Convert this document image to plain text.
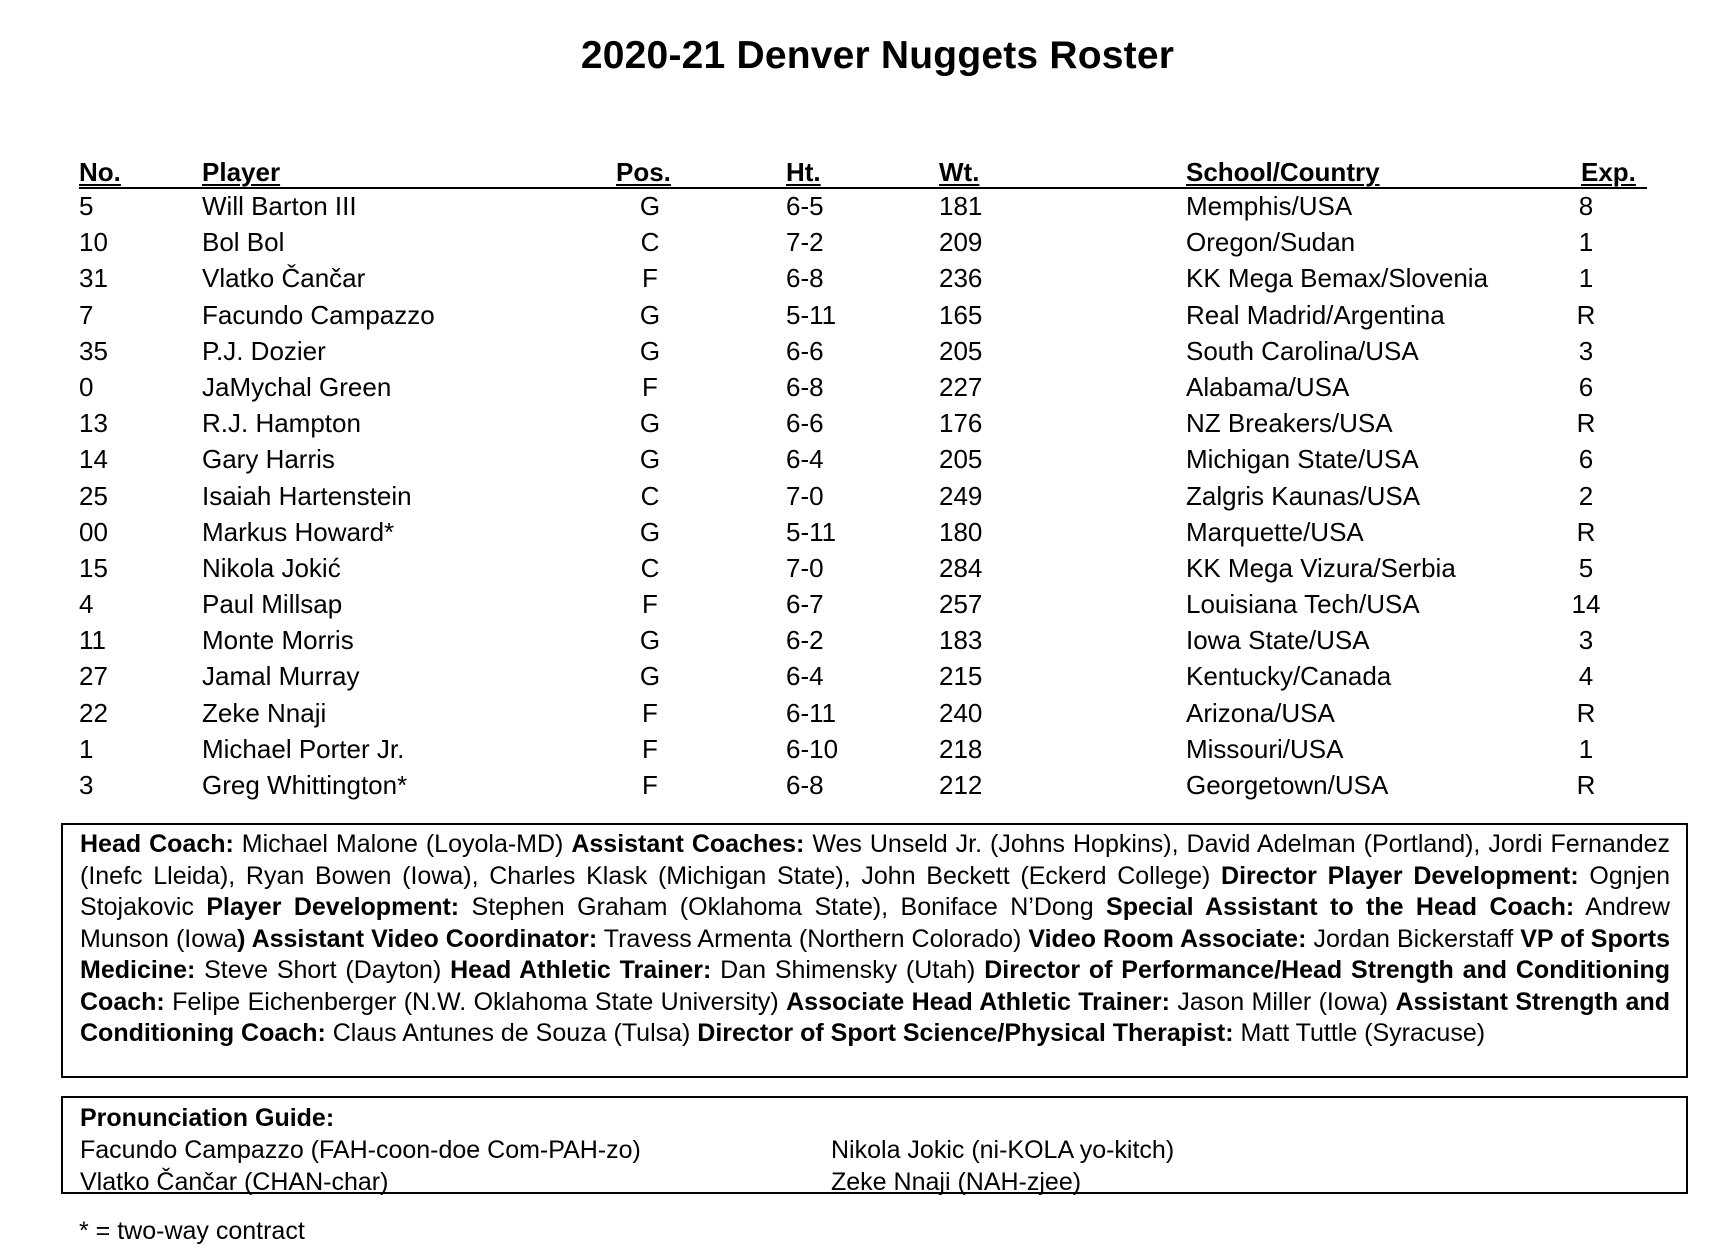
2020-21 Denver Nuggets Roster
No.	Player	Pos.	Ht.	Wt.	School/Country	Exp.
5	Will Barton III	G	6-5	181	Memphis/USA	8
10	Bol Bol	C	7-2	209	Oregon/Sudan	1
31	Vlatko Čančar	F	6-8	236	KK Mega Bemax/Slovenia	1
7	Facundo Campazzo	G	5-11	165	Real Madrid/Argentina	R
35	P.J. Dozier	G	6-6	205	South Carolina/USA	3
0	JaMychal Green	F	6-8	227	Alabama/USA	6
13	R.J. Hampton	G	6-6	176	NZ Breakers/USA	R
14	Gary Harris	G	6-4	205	Michigan State/USA	6
25	Isaiah Hartenstein	C	7-0	249	Zalgris Kaunas/USA	2
00	Markus Howard*	G	5-11	180	Marquette/USA	R
15	Nikola Jokić	C	7-0	284	KK Mega Vizura/Serbia	5
4	Paul Millsap	F	6-7	257	Louisiana Tech/USA	14
11	Monte Morris	G	6-2	183	Iowa State/USA	3
27	Jamal Murray	G	6-4	215	Kentucky/Canada	4
22	Zeke Nnaji	F	6-11	240	Arizona/USA	R
1	Michael Porter Jr.	F	6-10	218	Missouri/USA	1
3	Greg Whittington*	F	6-8	212	Georgetown/USA	R
Head Coach: Michael Malone (Loyola-MD) Assistant Coaches: Wes Unseld Jr. (Johns Hopkins), David Adelman (Portland), Jordi Fernandez (Inefc Lleida), Ryan Bowen (Iowa), Charles Klask (Michigan State), John Beckett (Eckerd College) Director Player Development: Ognjen Stojakovic Player Development: Stephen Graham (Oklahoma State), Boniface N’Dong Special Assistant to the Head Coach: Andrew Munson (Iowa) Assistant Video Coordinator: Travess Armenta (Northern Colorado) Video Room Associate: Jordan Bickerstaff VP of Sports Medicine: Steve Short (Dayton) Head Athletic Trainer: Dan Shimensky (Utah) Director of Performance/Head Strength and Conditioning Coach: Felipe Eichenberger (N.W. Oklahoma State University) Associate Head Athletic Trainer: Jason Miller (Iowa) Assistant Strength and Conditioning Coach: Claus Antunes de Souza (Tulsa) Director of Sport Science/Physical Therapist: Matt Tuttle (Syracuse)
Pronunciation Guide:
Facundo Campazzo (FAH-coon-doe Com-PAH-zo)
Vlatko Čančar (CHAN-char)
Nikola Jokic (ni-KOLA yo-kitch)
Zeke Nnaji (NAH-zjee)
* = two-way contract
